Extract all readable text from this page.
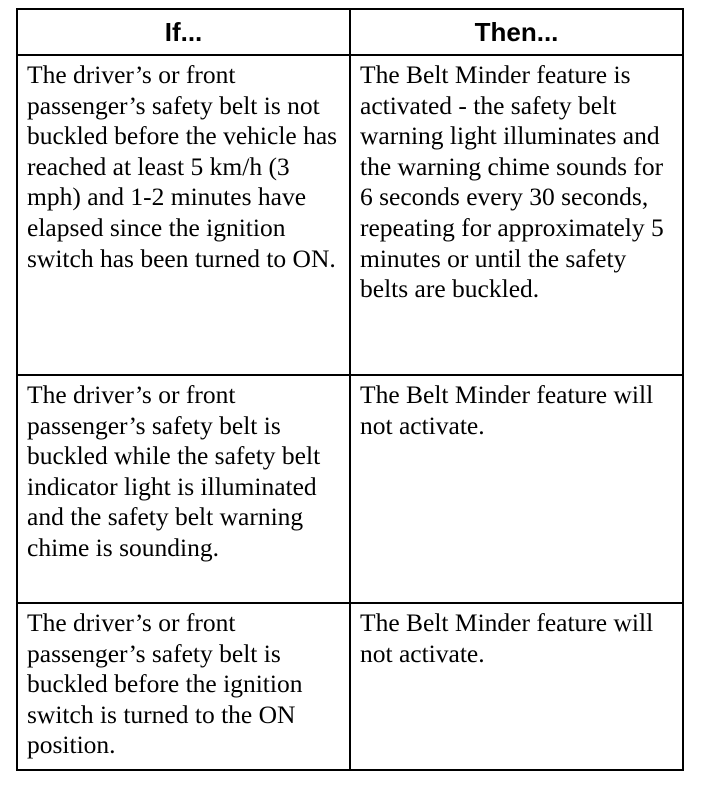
If...	Then...
The driver’s or front passenger’s safety belt is not buckled before the vehicle has reached at least 5 km/h (3 mph) and 1-2 minutes have elapsed since the ignition switch has been turned to ON.	The Belt Minder feature is activated - the safety belt warning light illuminates and the warning chime sounds for 6 seconds every 30 seconds, repeating for approximately 5 minutes or until the safety belts are buckled.
The driver’s or front passenger’s safety belt is buckled while the safety belt indicator light is illuminated and the safety belt warning chime is sounding.	The Belt Minder feature will not activate.
The driver’s or front passenger’s safety belt is buckled before the ignition switch is turned to the ON position.	The Belt Minder feature will not activate.
